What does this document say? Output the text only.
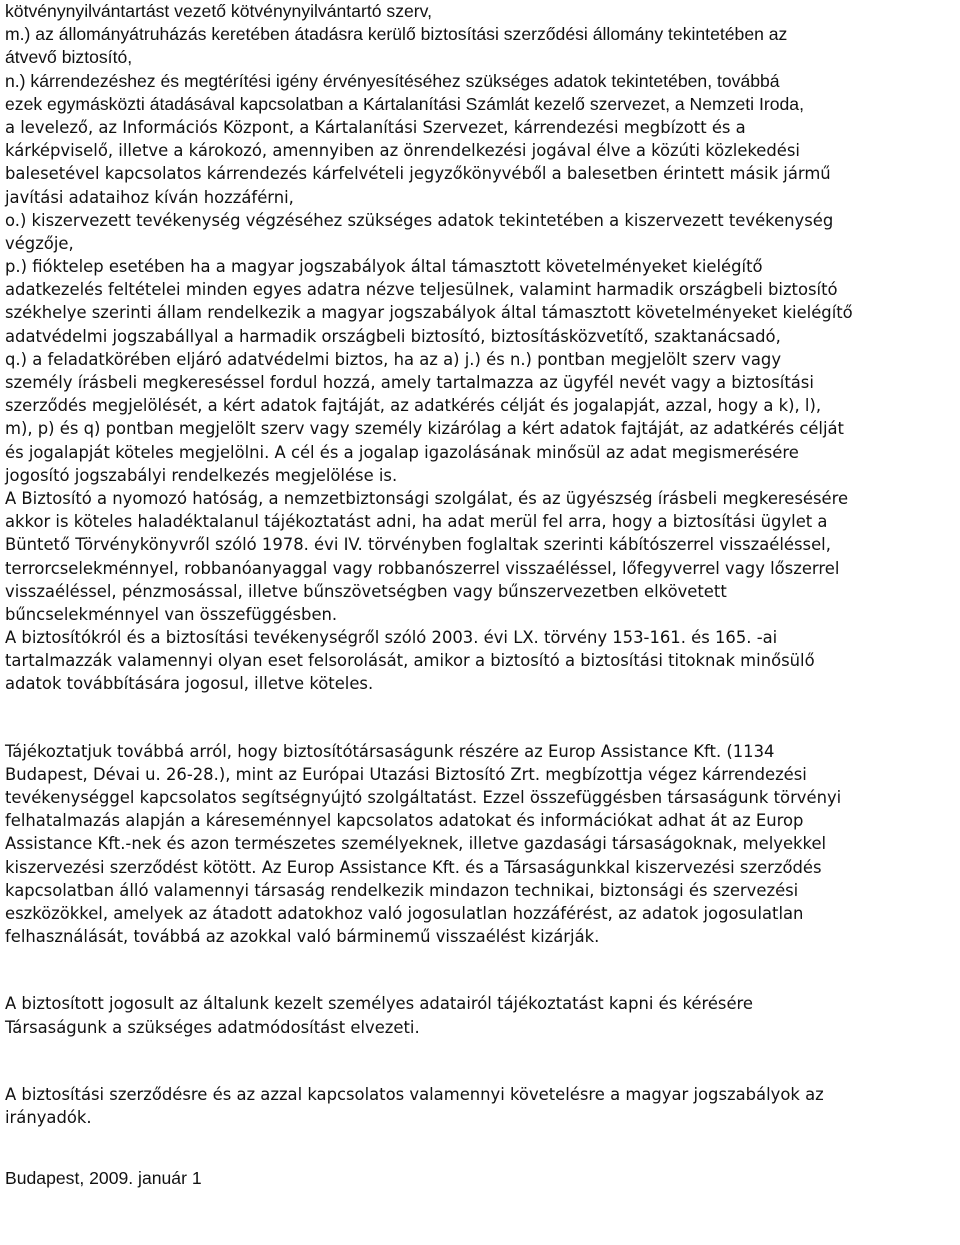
kötvénynyilvántartást vezető kötvénynyilvántartó szerv,
m.) az állományátruházás keretében átadásra kerülő biztosítási szerződési állomány tekintetében az
átvevő biztosító,
n.) kárrendezéshez és megtérítési igény érvényesítéséhez szükséges adatok tekintetében, továbbá
ezek egymásközti átadásával kapcsolatban a Kártalanítási Számlát kezelő szervezet, a Nemzeti Iroda,
a levelező, az Információs Központ, a Kártalanítási Szervezet, kárrendezési megbízott és a
kárképviselő, illetve a károkozó, amennyiben az önrendelkezési jogával élve a közúti közlekedési
balesetével kapcsolatos kárrendezés kárfelvételi jegyzőkönyvéből a balesetben érintett másik jármű
javítási adataihoz kíván hozzáférni,
o.) kiszervezett tevékenység végzéséhez szükséges adatok tekintetében a kiszervezett tevékenység
végzője,
p.) fióktelep esetében ha a magyar jogszabályok által támasztott követelményeket kielégítő
adatkezelés feltételei minden egyes adatra nézve teljesülnek, valamint harmadik országbeli biztosító
székhelye szerinti állam rendelkezik a magyar jogszabályok által támasztott követelményeket kielégítő
adatvédelmi jogszabállyal a harmadik országbeli biztosító, biztosításközvetítő, szaktanácsadó,
q.) a feladatkörében eljáró adatvédelmi biztos, ha az a) j.) és n.) pontban megjelölt szerv vagy
személy írásbeli megkereséssel fordul hozzá, amely tartalmazza az ügyfél nevét vagy a biztosítási
szerződés megjelölését, a kért adatok fajtáját, az adatkérés célját és jogalapját, azzal, hogy a k), l),
m), p) és q) pontban megjelölt szerv vagy személy kizárólag a kért adatok fajtáját, az adatkérés célját
és jogalapját köteles megjelölni. A cél és a jogalap igazolásának minősül az adat megismerésére
jogosító jogszabályi rendelkezés megjelölése is.
A Biztosító a nyomozó hatóság, a nemzetbiztonsági szolgálat, és az ügyészség írásbeli megkeresésére
akkor is köteles haladéktalanul tájékoztatást adni, ha adat merül fel arra, hogy a biztosítási ügylet a
Büntető Törvénykönyvről szóló 1978. évi IV. törvényben foglaltak szerinti kábítószerrel visszaéléssel,
terrorcselekménnyel, robbanóanyaggal vagy robbanószerrel visszaéléssel, lőfegyverrel vagy lőszerrel
visszaéléssel, pénzmosással, illetve bűnszövetségben vagy bűnszervezetben elkövetett
bűncselekménnyel van összefüggésben.
A biztosítókról és a biztosítási tevékenységről szóló 2003. évi LX. törvény 153-161. és 165. -ai
tartalmazzák valamennyi olyan eset felsorolását, amikor a biztosító a biztosítási titoknak minősülő
adatok továbbítására jogosul, illetve köteles.
Tájékoztatjuk továbbá arról, hogy biztosítótársaságunk részére az Europ Assistance Kft. (1134
Budapest, Dévai u. 26-28.), mint az Európai Utazási Biztosító Zrt. megbízottja végez kárrendezési
tevékenységgel kapcsolatos segítségnyújtó szolgáltatást. Ezzel összefüggésben társaságunk törvényi
felhatalmazás alapján a káreseménnyel kapcsolatos adatokat és információkat adhat át az Europ
Assistance Kft.-nek és azon természetes személyeknek, illetve gazdasági társaságoknak, melyekkel
kiszervezési szerződést kötött. Az Europ Assistance Kft. és a Társaságunkkal kiszervezési szerződés
kapcsolatban álló valamennyi társaság rendelkezik mindazon technikai, biztonsági és szervezési
eszközökkel, amelyek az átadott adatokhoz való jogosulatlan hozzáférést, az adatok jogosulatlan
felhasználását, továbbá az azokkal való bárminemű visszaélést kizárják.
A biztosított jogosult az általunk kezelt személyes adatairól tájékoztatást kapni és kérésére
Társaságunk a szükséges adatmódosítást elvezeti.
A biztosítási szerződésre és az azzal kapcsolatos valamennyi követelésre a magyar jogszabályok az
irányadók.
Budapest, 2009. január 1
